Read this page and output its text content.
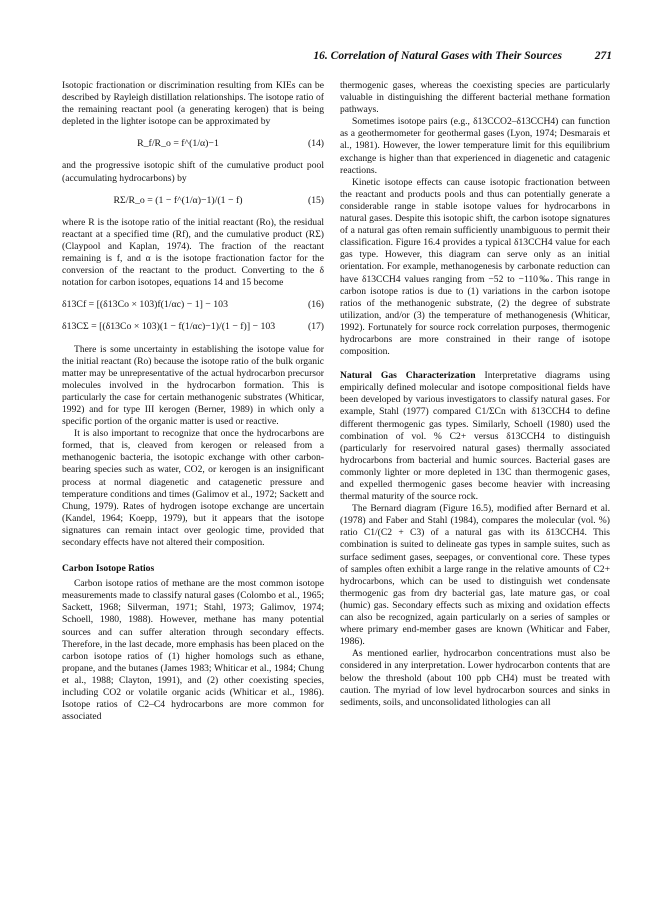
16. Correlation of Natural Gases with Their Sources	271

Isotopic fractionation or discrimination resulting from KIEs can be described by Rayleigh distillation relationships. The isotope ratio of the remaining reactant pool (a generating kerogen) that is being depleted in the lighter isotope can be approximated by

R_f/R_o = f^(1/α)−1	(14)

and the progressive isotopic shift of the cumulative product pool (accumulating hydrocarbons) by

RΣ/R_o = (1 − f^(1/α)−1)/(1 − f)	(15)

where R is the isotope ratio of the initial reactant (Ro), the residual reactant at a specified time (Rf), and the cumulative product (RΣ) (Claypool and Kaplan, 1974). The fraction of the reactant remaining is f, and α is the isotope fractionation factor for the conversion of the reactant to the product. Converting to the δ notation for carbon isotopes, equations 14 and 15 become

δ13Cf = [(δ13Co × 103)f(1/αc) − 1] − 103	(16)
δ13CΣ = [(δ13Co × 103)(1 − f(1/αc)−1)/(1 − f)] − 103	(17)

There is some uncertainty in establishing the isotope value for the initial reactant (Ro) because the isotope ratio of the bulk organic matter may be unrepresentative of the actual hydrocarbon precursor molecules involved in the hydrocarbon formation. This is particularly the case for certain methanogenic substrates (Whiticar, 1992) and for type III kerogen (Berner, 1989) in which only a specific portion of the organic matter is used or reactive.

It is also important to recognize that once the hydrocarbons are formed, that is, cleaved from kerogen or released from a methanogenic bacteria, the isotopic exchange with other carbon-bearing species such as water, CO2, or kerogen is an insignificant process at normal diagenetic and catagenetic pressure and temperature conditions and times (Galimov et al., 1972; Sackett and Chung, 1979). Rates of hydrogen isotope exchange are uncertain (Kandel, 1964; Koepp, 1979), but it appears that the isotope signatures can remain intact over geologic time, provided that secondary effects have not altered their composition.

Carbon Isotope Ratios

Carbon isotope ratios of methane are the most common isotope measurements made to classify natural gases (Colombo et al., 1965; Sackett, 1968; Silverman, 1971; Stahl, 1973; Galimov, 1974; Schoell, 1980, 1988). However, methane has many potential sources and can suffer alteration through secondary effects. Therefore, in the last decade, more emphasis has been placed on the carbon isotope ratios of (1) higher homologs such as ethane, propane, and the butanes (James 1983; Whiticar et al., 1984; Chung et al., 1988; Clayton, 1991), and (2) other coexisting species, including CO2 or volatile organic acids (Whiticar et al., 1986). Isotope ratios of C2–C4 hydrocarbons are more common for associated

thermogenic gases, whereas the coexisting species are particularly valuable in distinguishing the different bacterial methane formation pathways.

Sometimes isotope pairs (e.g., δ13CCO2–δ13CCH4) can function as a geothermometer for geothermal gases (Lyon, 1974; Desmarais et al., 1981). However, the lower temperature limit for this equilibrium exchange is higher than that experienced in diagenetic and catagenic reactions.

Kinetic isotope effects can cause isotopic fractionation between the reactant and products pools and thus can potentially generate a considerable range in stable isotope values for hydrocarbons in natural gases. Despite this isotopic shift, the carbon isotope signatures of a natural gas often remain sufficiently unambiguous to permit their classification. Figure 16.4 provides a typical δ13CCH4 value for each gas type. However, this diagram can serve only as an initial orientation. For example, methanogenesis by carbonate reduction can have δ13CCH4 values ranging from −52 to −110‰. This range in carbon isotope ratios is due to (1) variations in the carbon isotope ratios of the methanogenic substrate, (2) the degree of substrate utilization, and/or (3) the temperature of methanogenesis (Whiticar, 1992). Fortunately for source rock correlation purposes, thermogenic hydrocarbons are more constrained in their range of isotope composition.

Natural Gas Characterization Interpretative diagrams using empirically defined molecular and isotope compositional fields have been developed by various investigators to classify natural gases. For example, Stahl (1977) compared C1/ΣCn with δ13CCH4 to define different thermogenic gas types. Similarly, Schoell (1980) used the combination of vol. % C2+ versus δ13CCH4 to distinguish (particularly for reservoired natural gases) thermally associated hydrocarbons from bacterial and humic sources. Bacterial gases are commonly lighter or more depleted in 13C than thermogenic gases, and expelled thermogenic gases become heavier with increasing thermal maturity of the source rock.

The Bernard diagram (Figure 16.5), modified after Bernard et al. (1978) and Faber and Stahl (1984), compares the molecular (vol. %) ratio C1/(C2 + C3) of a natural gas with its δ13CCH4. This combination is suited to delineate gas types in sample suites, such as surface sediment gases, seepages, or conventional core. These types of samples often exhibit a large range in the relative amounts of C2+ hydrocarbons, which can be used to distinguish wet condensate thermogenic gas from dry bacterial gas, late mature gas, or coal (humic) gas. Secondary effects such as mixing and oxidation effects can also be recognized, again particularly on a series of samples or where primary end-member gases are known (Whiticar and Faber, 1986).

As mentioned earlier, hydrocarbon concentrations must also be considered in any interpretation. Lower hydrocarbon contents that are below the threshold (about 100 ppb CH4) must be treated with caution. The myriad of low level hydrocarbon sources and sinks in sediments, soils, and unconsolidated lithologies can all
